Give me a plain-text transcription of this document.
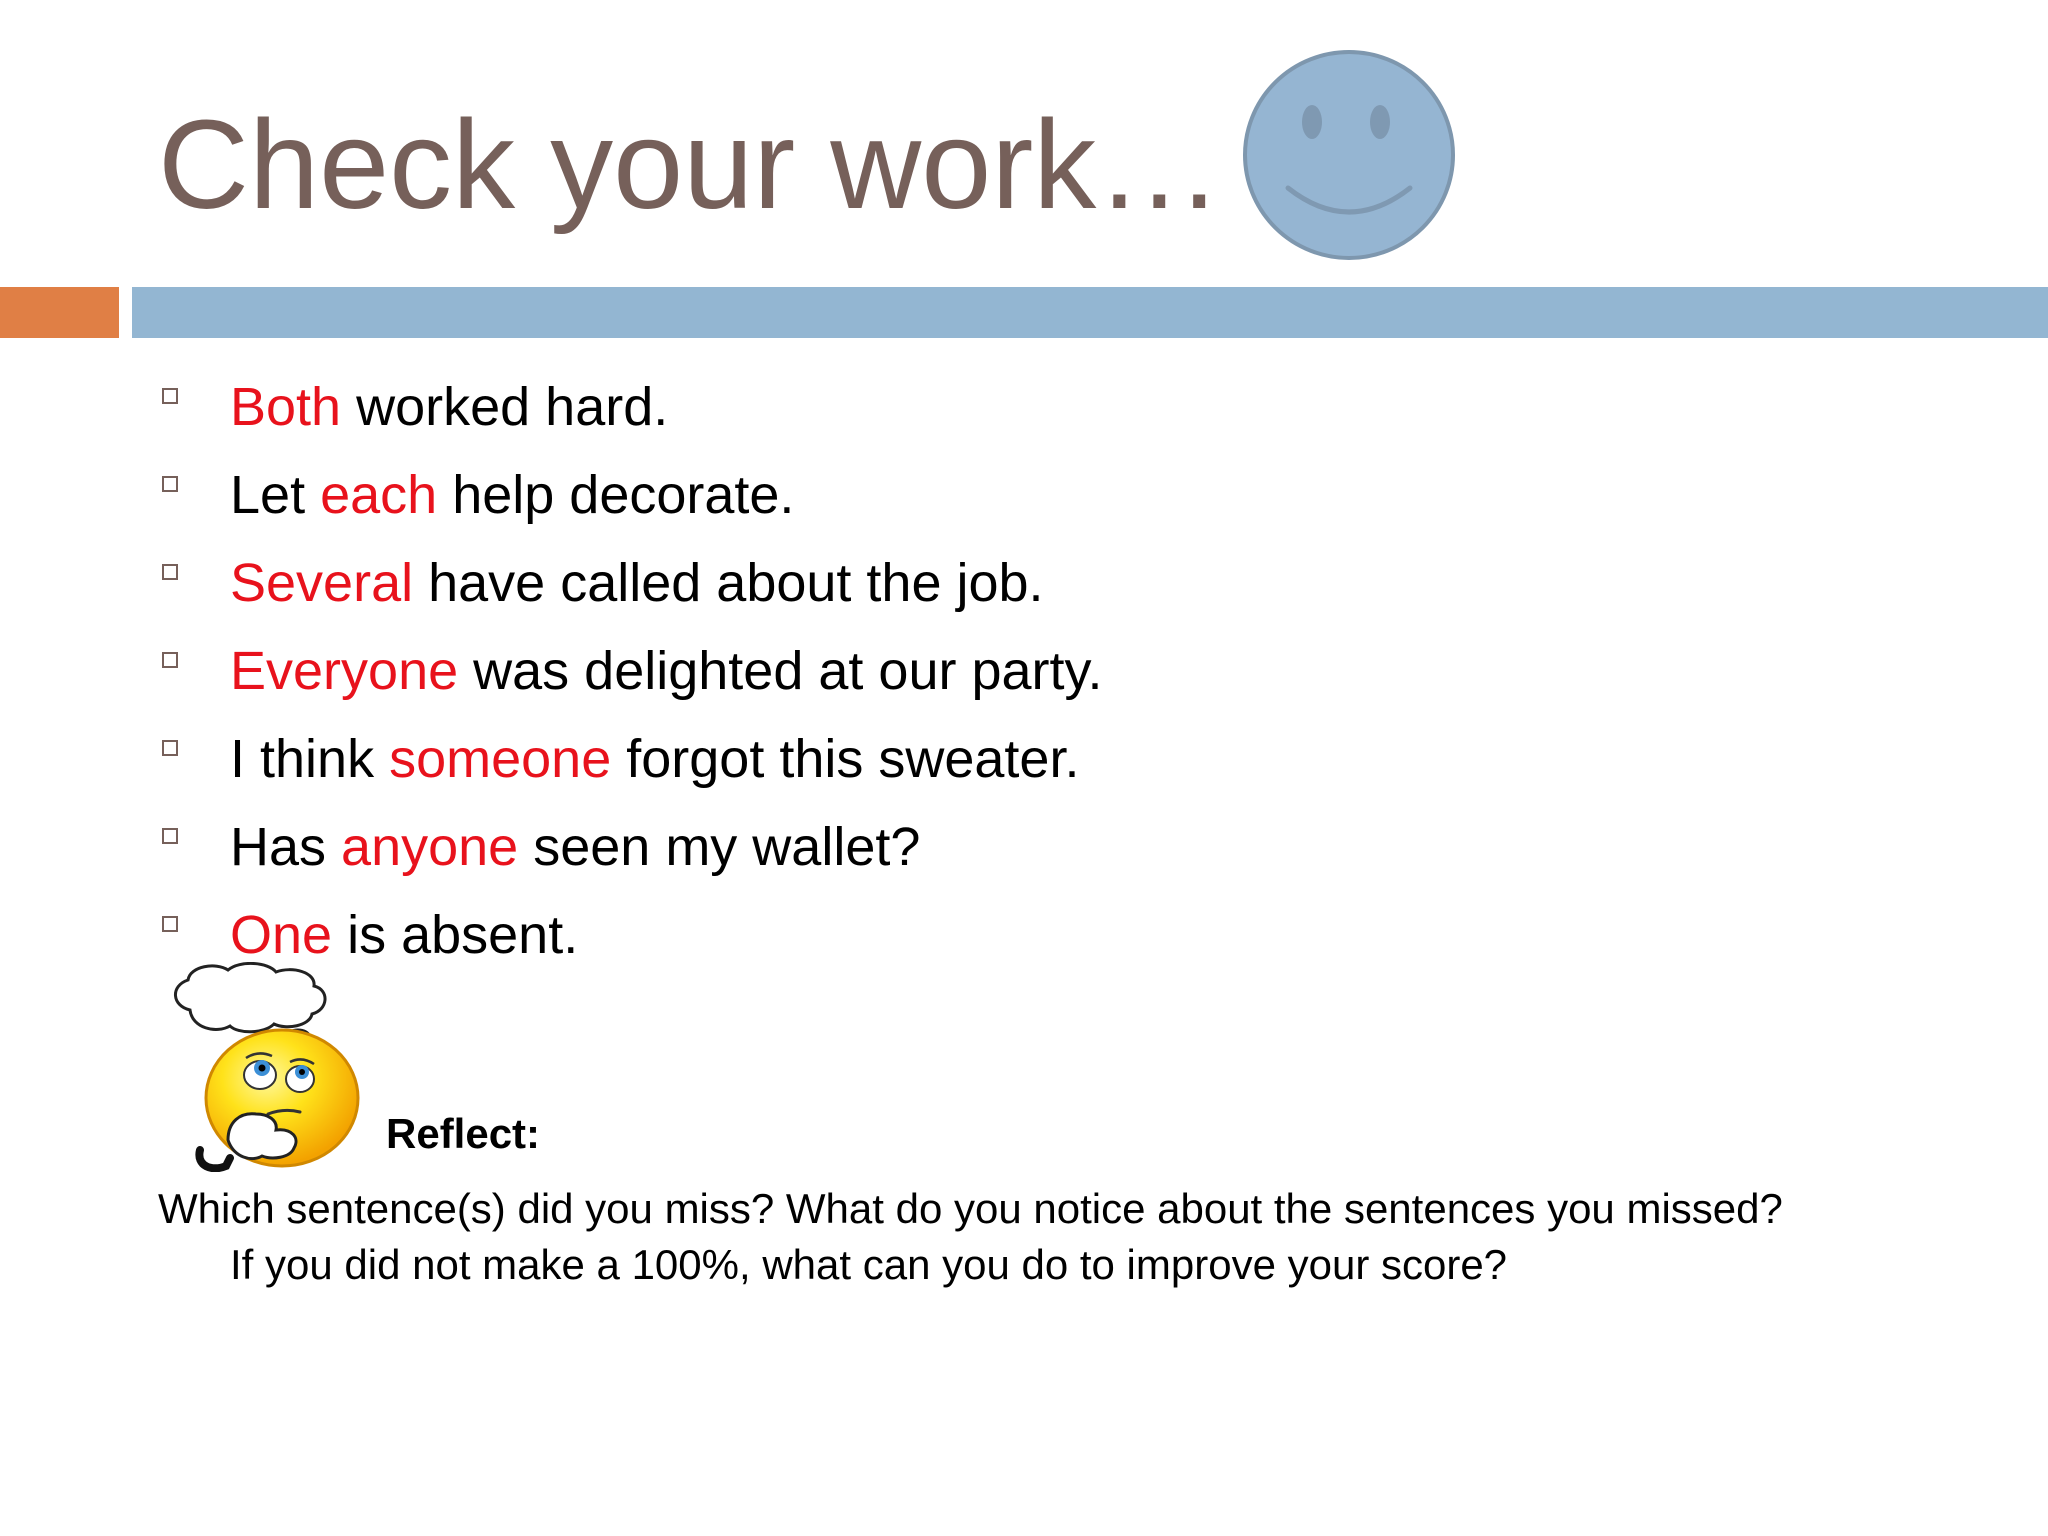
Check your work…
Both worked hard.
Let each help decorate.
Several have called about the job.
Everyone was delighted at our party.
I think someone forgot this sweater.
Has anyone seen my wallet?
One is absent.
Reflect:
Which sentence(s) did you miss? What do you notice about the sentences you missed?
If you did not make a 100%, what can you do to improve your score?
